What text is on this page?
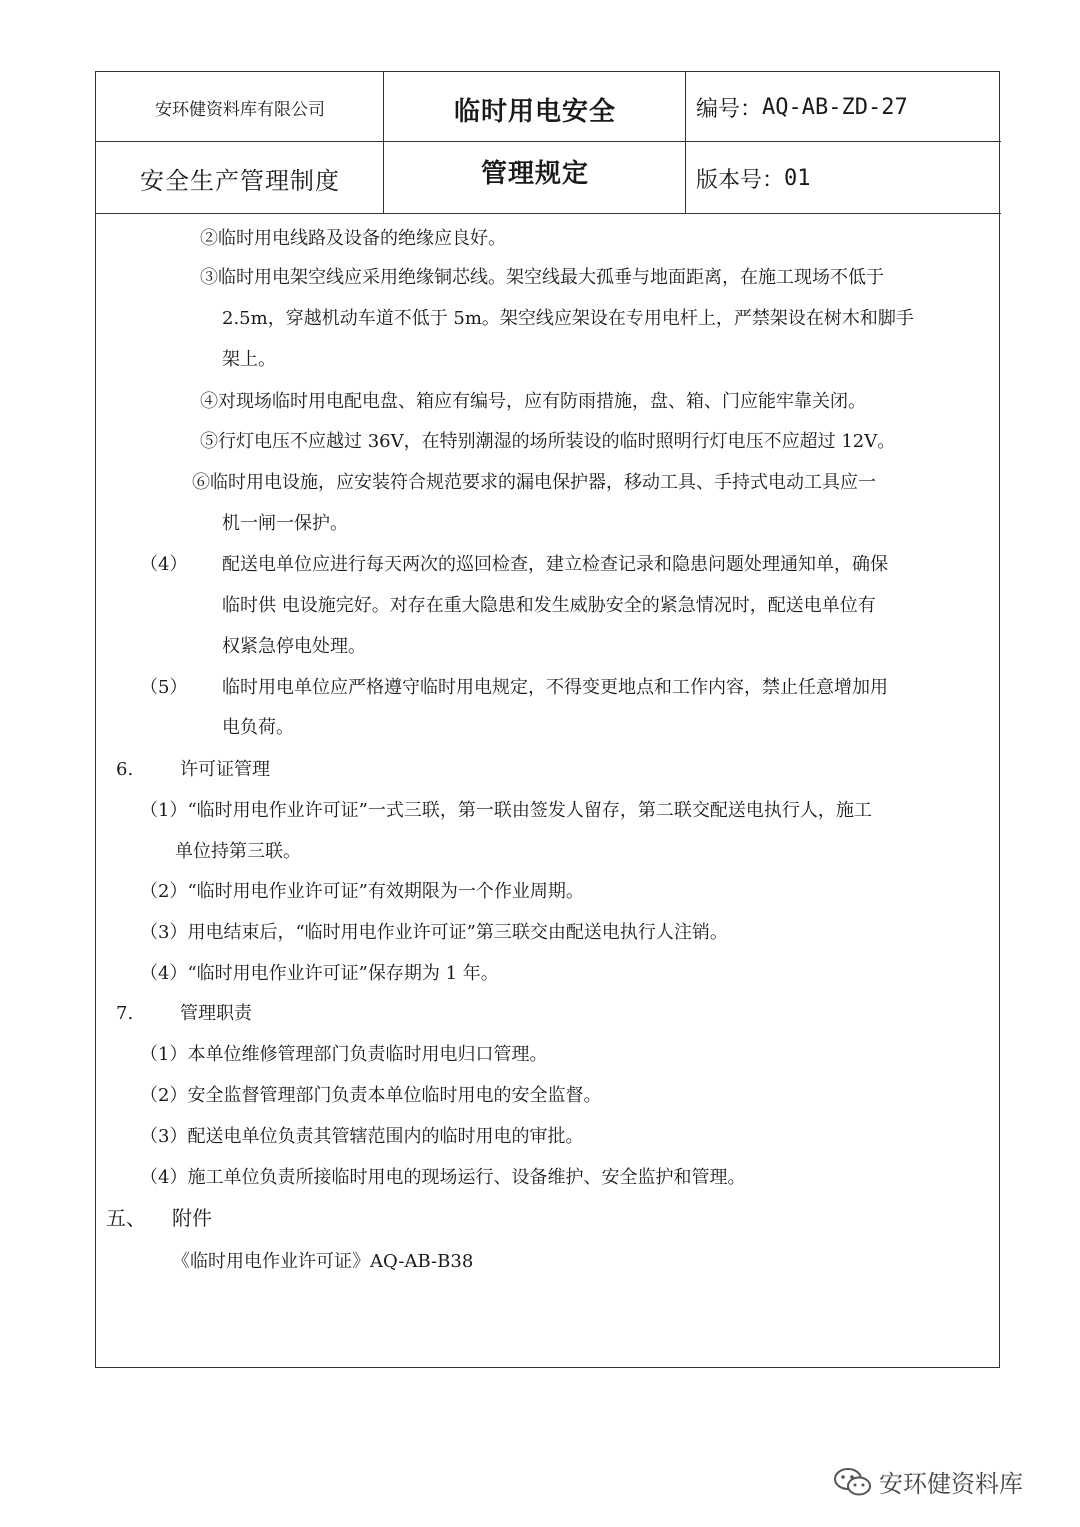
安环健资料库有限公司
安全生产管理制度
临时用电安全
管理规定
编号： AQ-AB-ZD-27
版本号： 01
②临时用电线路及设备的绝缘应良好。
③临时用电架空线应采用绝缘铜芯线。架空线最大孤垂与地面距离，在施工现场不低于
2.5m，穿越机动车道不低于 5m。架空线应架设在专用电杆上，严禁架设在树木和脚手
架上。
④对现场临时用电配电盘、箱应有编号，应有防雨措施，盘、箱、门应能牢靠关闭。
⑤行灯电压不应越过 36V，在特别潮湿的场所装设的临时照明行灯电压不应超过 12V。
⑥临时用电设施，应安装符合规范要求的漏电保护器，移动工具、手持式电动工具应一
机一闸一保护。
（4） 配送电单位应进行每天两次的巡回检查，建立检查记录和隐患问题处理通知单，确保
临时供 电设施完好。对存在重大隐患和发生威胁安全的紧急情况时，配送电单位有
权紧急停电处理。
（5） 临时用电单位应严格遵守临时用电规定，不得变更地点和工作内容，禁止任意增加用
电负荷。
6.	许可证管理
（1）“临时用电作业许可证”一式三联，第一联由签发人留存，第二联交配送电执行人，施工
单位持第三联。
（2）“临时用电作业许可证”有效期限为一个作业周期。
（3）用电结束后，“临时用电作业许可证”第三联交由配送电执行人注销。
（4）“临时用电作业许可证”保存期为 1 年。
7.	管理职责
（1）本单位维修管理部门负责临时用电归口管理。
（2）安全监督管理部门负责本单位临时用电的安全监督。
（3）配送电单位负责其管辖范围内的临时用电的审批。
（4）施工单位负责所接临时用电的现场运行、设备维护、安全监护和管理。
五、 附件
《临时用电作业许可证》AQ-AB-B38
安环健资料库
